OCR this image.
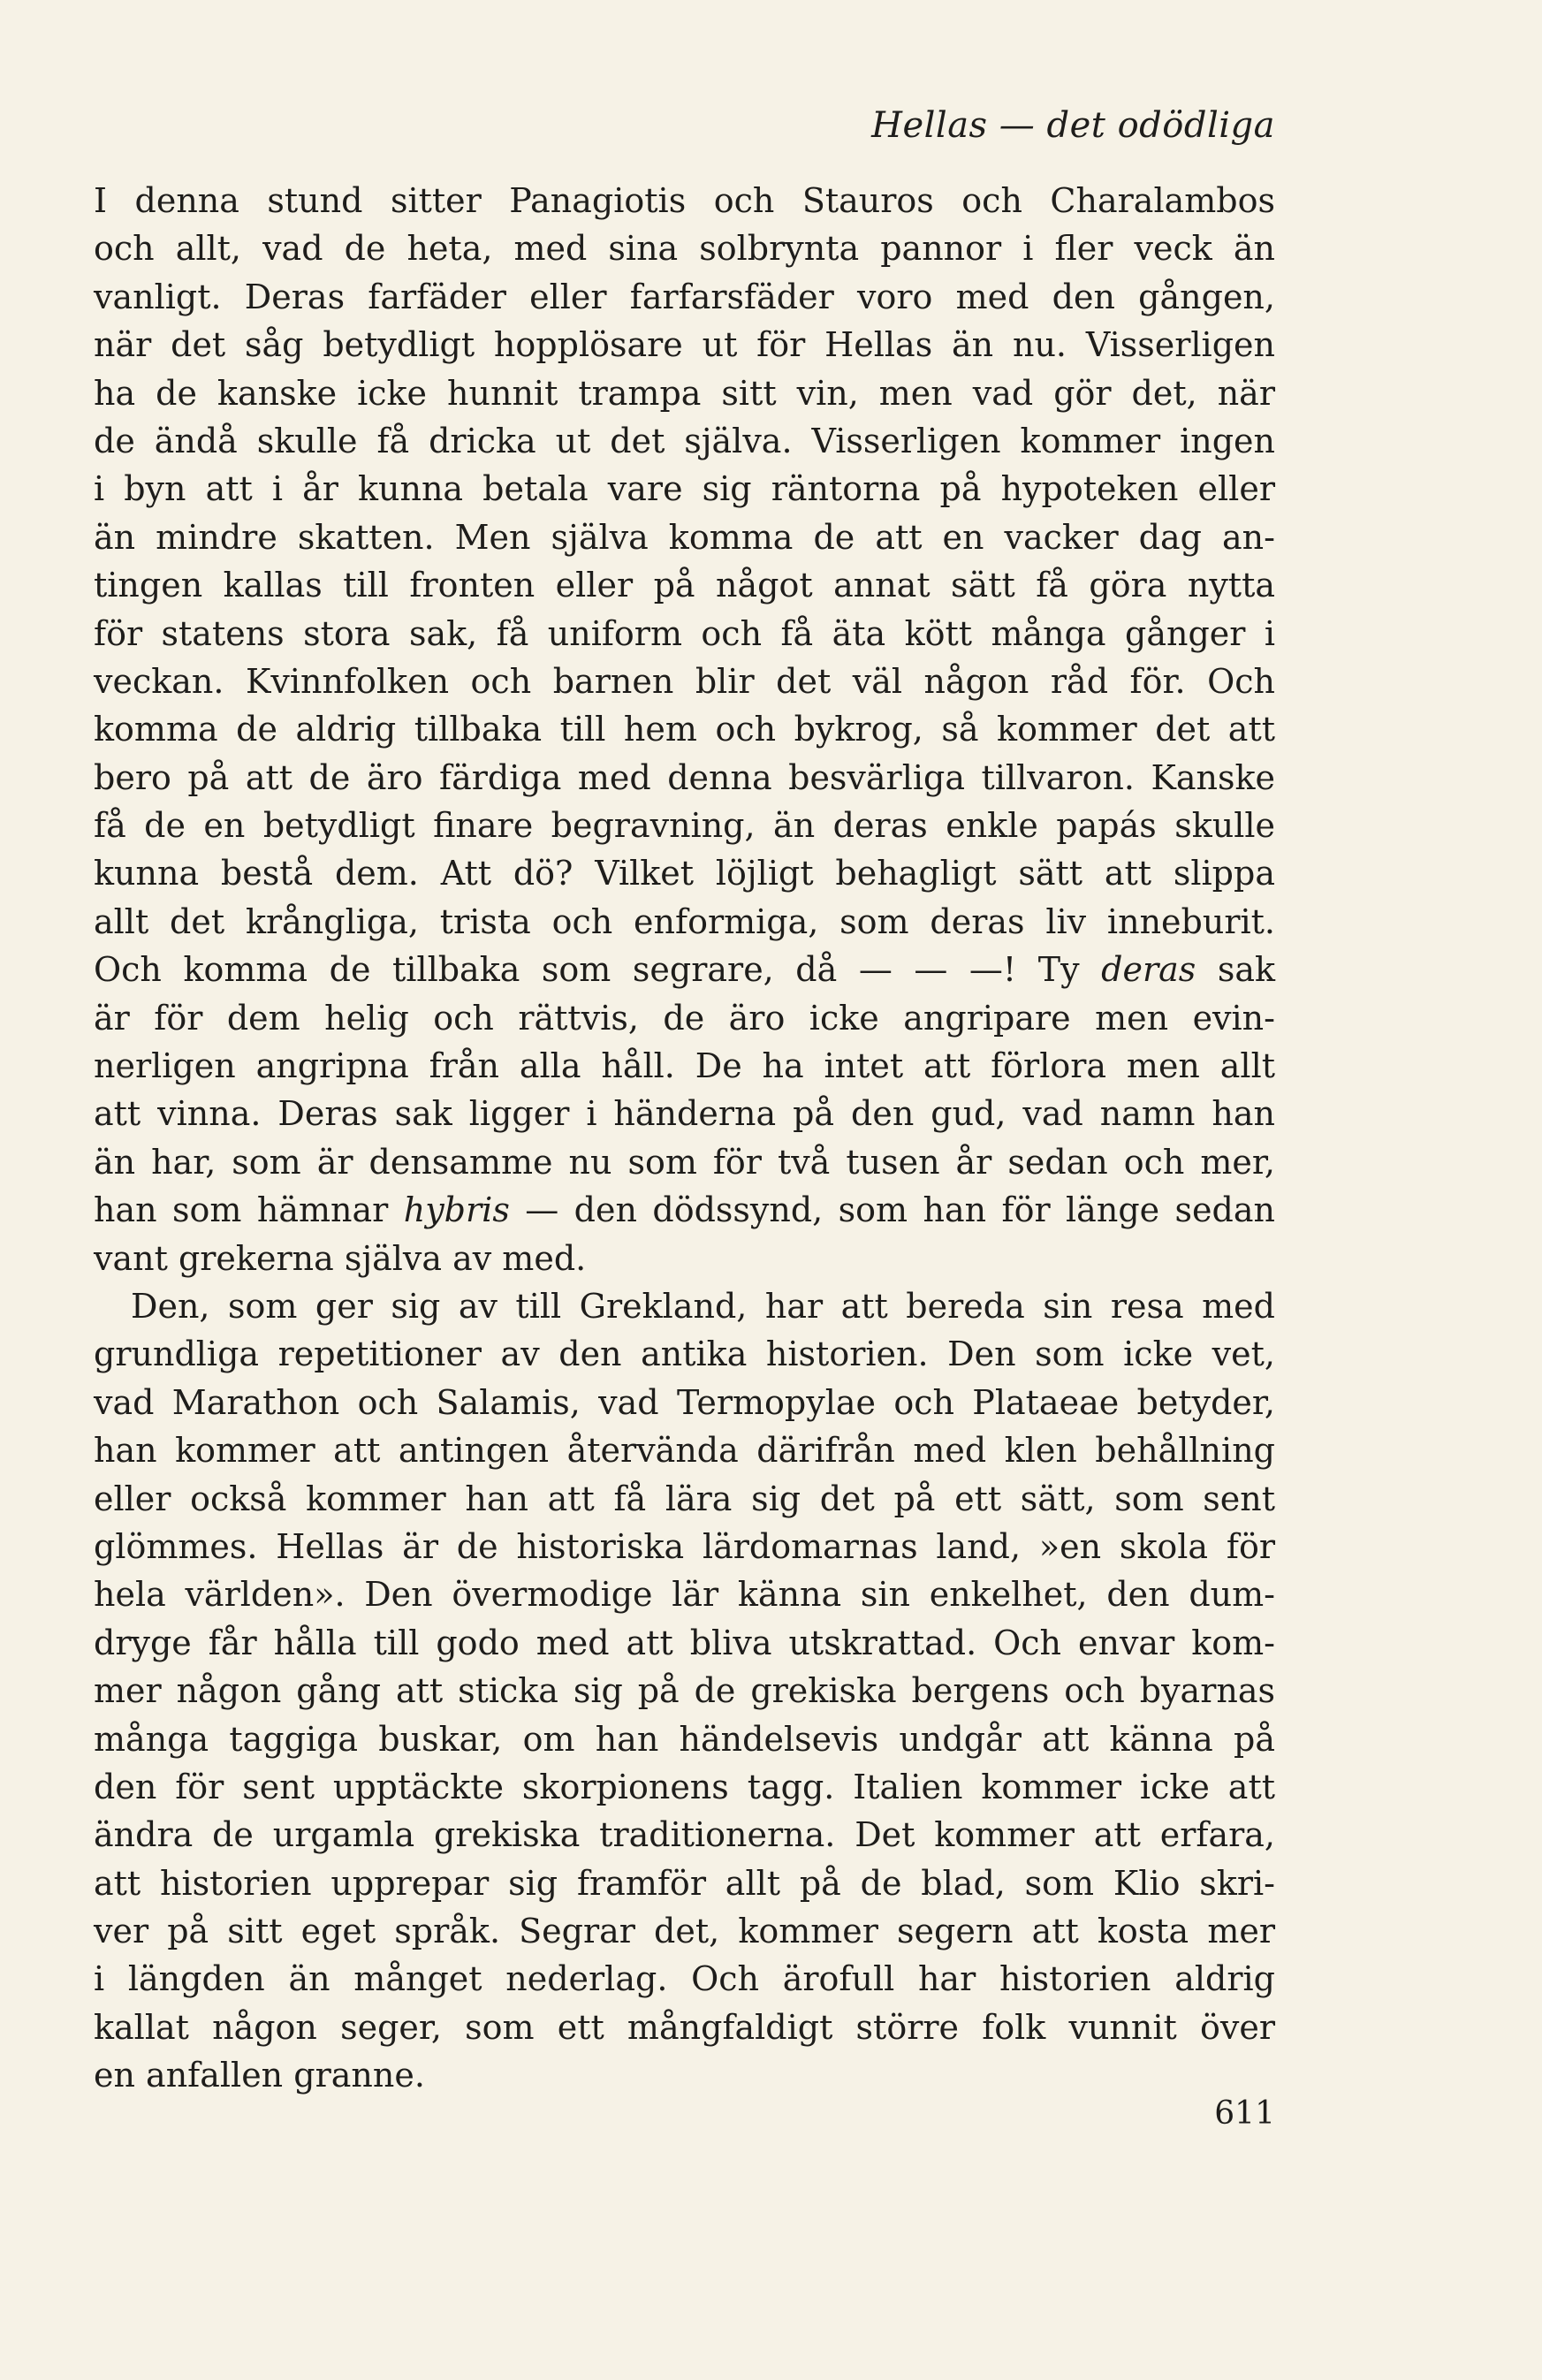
Hellas — det odödliga
I denna stund sitter Panagiotis och Stauros och Charalambos
och allt, vad de heta, med sina solbrynta pannor i fler veck än
vanligt. Deras farfäder eller farfarsfäder voro med den gången,
när det såg betydligt hopplösare ut för Hellas än nu. Visserligen
ha de kanske icke hunnit trampa sitt vin, men vad gör det, när
de ändå skulle få dricka ut det själva. Visserligen kommer ingen
i byn att i år kunna betala vare sig räntorna på hypoteken eller
än mindre skatten. Men själva komma de att en vacker dag an-
tingen kallas till fronten eller på något annat sätt få göra nytta
för statens stora sak, få uniform och få äta kött många gånger i
veckan. Kvinnfolken och barnen blir det väl någon råd för. Och
komma de aldrig tillbaka till hem och bykrog, så kommer det att
bero på att de äro färdiga med denna besvärliga tillvaron. Kanske
få de en betydligt finare begravning, än deras enkle papás skulle
kunna bestå dem. Att dö? Vilket löjligt behagligt sätt att slippa
allt det krångliga, trista och enformiga, som deras liv inneburit.
Och komma de tillbaka som segrare, då — — —! Ty deras sak
är för dem helig och rättvis, de äro icke angripare men evin-
nerligen angripna från alla håll. De ha intet att förlora men allt
att vinna. Deras sak ligger i händerna på den gud, vad namn han
än har, som är densamme nu som för två tusen år sedan och mer,
han som hämnar hybris — den dödssynd, som han för länge sedan
vant grekerna själva av med.
Den, som ger sig av till Grekland, har att bereda sin resa med
grundliga repetitioner av den antika historien. Den som icke vet,
vad Marathon och Salamis, vad Termopylae och Plataeae betyder,
han kommer att antingen återvända därifrån med klen behållning
eller också kommer han att få lära sig det på ett sätt, som sent
glömmes. Hellas är de historiska lärdomarnas land, »en skola för
hela världen». Den övermodige lär känna sin enkelhet, den dum-
dryge får hålla till godo med att bliva utskrattad. Och envar kom-
mer någon gång att sticka sig på de grekiska bergens och byarnas
många taggiga buskar, om han händelsevis undgår att känna på
den för sent upptäckte skorpionens tagg. Italien kommer icke att
ändra de urgamla grekiska traditionerna. Det kommer att erfara,
att historien upprepar sig framför allt på de blad, som Klio skri-
ver på sitt eget språk. Segrar det, kommer segern att kosta mer
i längden än månget nederlag. Och ärofull har historien aldrig
kallat någon seger, som ett mångfaldigt större folk vunnit över
en anfallen granne.
611
